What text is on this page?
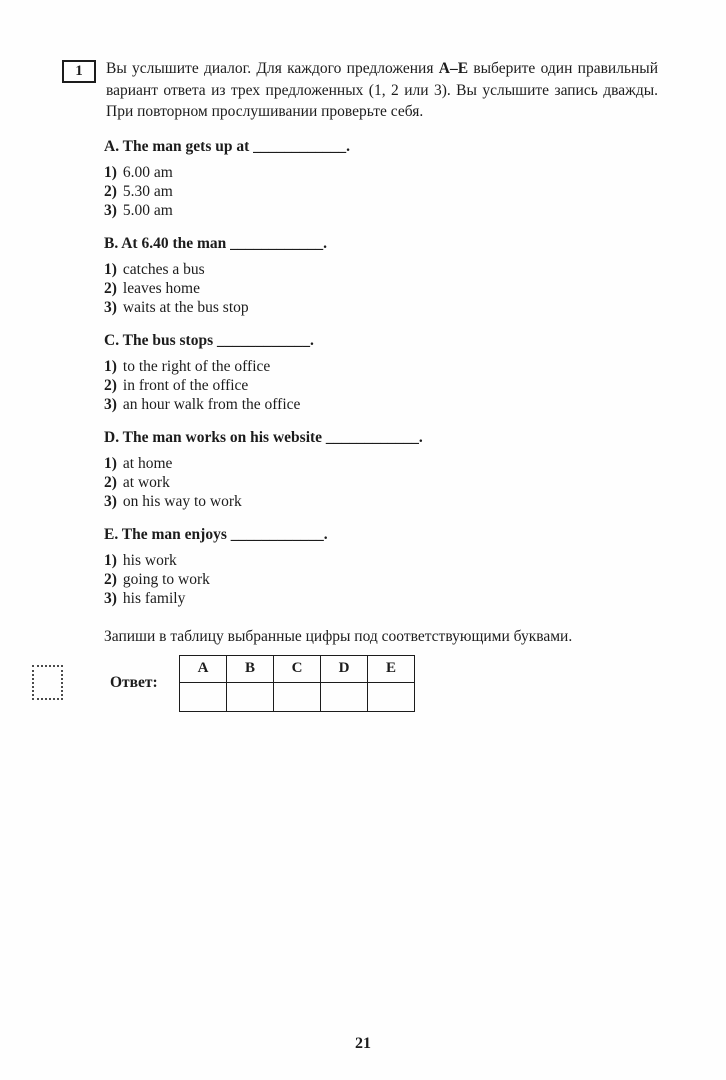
1 Вы услышите диалог. Для каждого предложения А–Е выберите один правильный вариант ответа из трех предложенных (1, 2 или 3). Вы услышите запись дважды. При повторном прослушивании проверьте себя.

A. The man gets up at ____________.

1) 6.00 am
2) 5.30 am
3) 5.00 am

B. At 6.40 the man ____________.

1) catches a bus
2) leaves home
3) waits at the bus stop

C. The bus stops ____________.

1) to the right of the office
2) in front of the office
3) an hour walk from the office

D. The man works on his website ____________.

1) at home
2) at work
3) on his way to work

E. The man enjoys ____________.

1) his work
2) going to work
3) his family

Запиши в таблицу выбранные цифры под соответствующими буквами.

Ответ:
A	B	C	D	E

21
